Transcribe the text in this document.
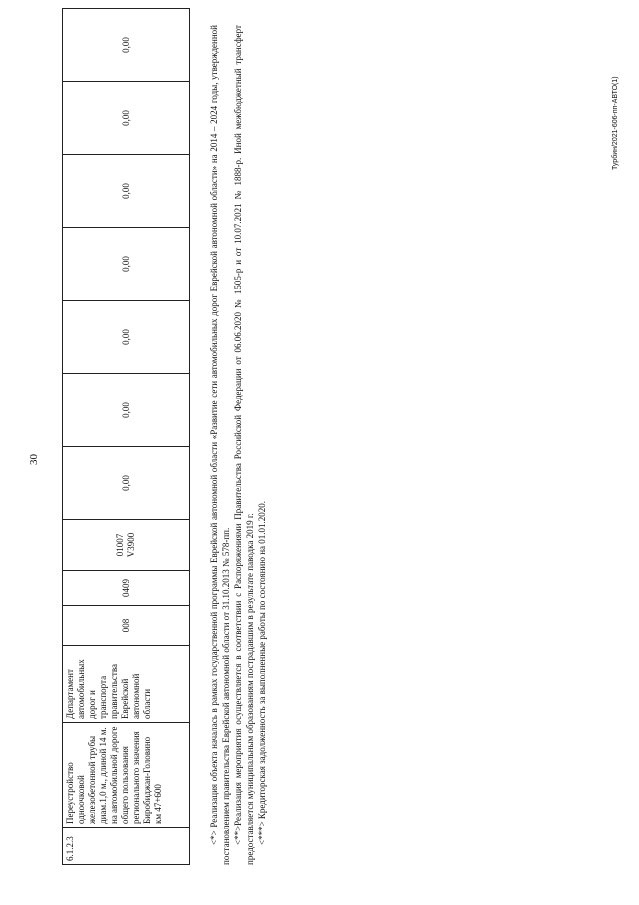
30
6.1.2.3	Переустройство одноочковой железобетонной трубы диам.1,0 м., длиной 14 м. на автомобильной дороге общего пользования регионального значения Биробиджан-Головино км 47+600	Департамент автомобильных дорог и транспорта правительства Еврейской автономной области	008	0409	01007 V3900	0,00	0,00	0,00	0,00	0,00	0,00	0,00	<*> Реализация объекта началась в рамках государственной программы Еврейской автономной области «Развитие сети автомобильных дорог Еврейской автономной области» на 2014 – 2024 годы, утвержденной постановлением правительства Еврейской автономной области от 31.10.2013 № 578-пп. <**>Реализация мероприятия осуществляется в соответствии с Распоряжениями Правительства Российской Федерации от 06.06.2020 № 1505-р и от 10.07.2021 № 1888-р. Иной межбюджетный трансферт предоставляется муниципальным образованиям пострадавшим в результате паводка 2019 г. <***> Кредиторская задолженность за выполненные работы по состоянию на 01.01.2020.

Турбин/2021-606-пп-АВТО(1)
